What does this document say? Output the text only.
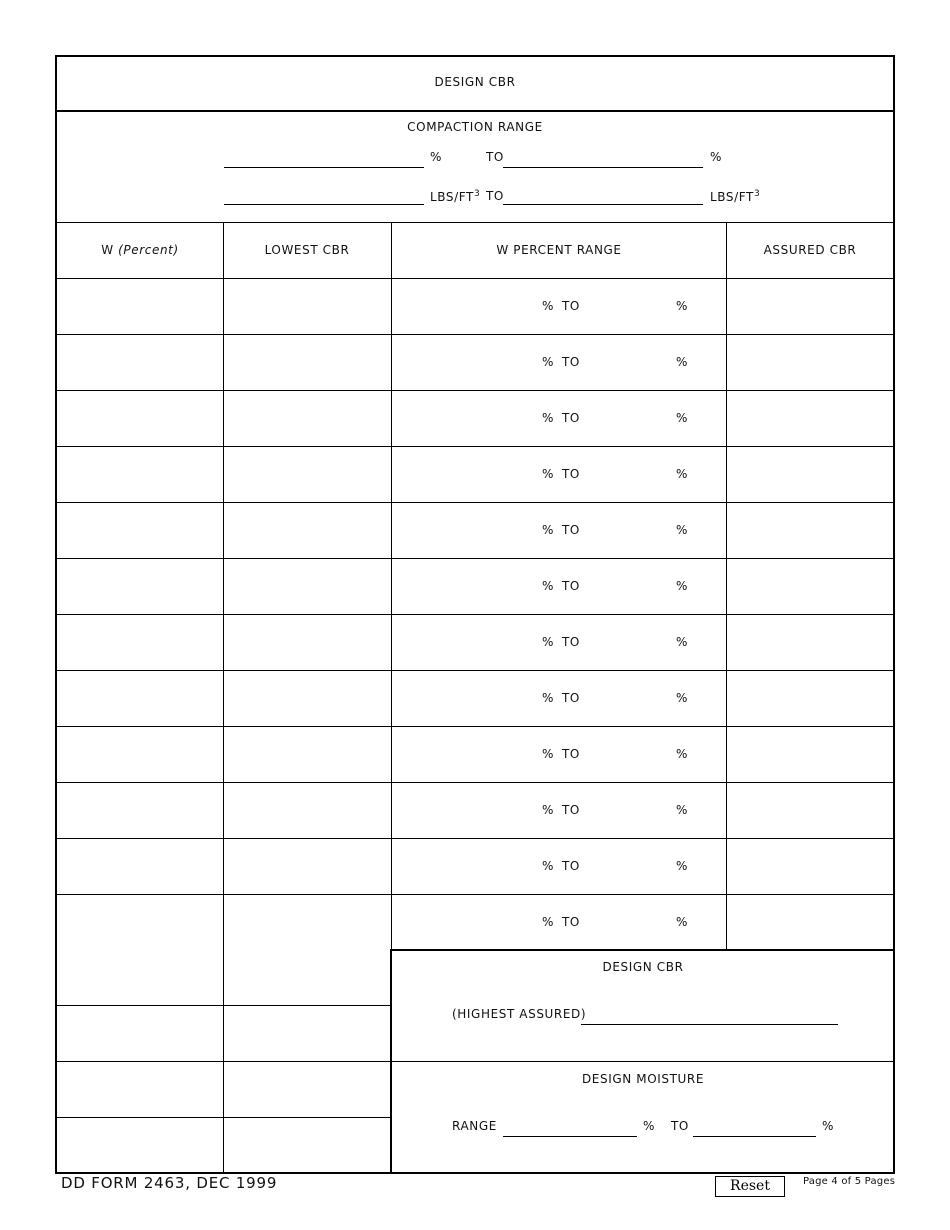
DESIGN CBR
COMPACTION RANGE
%	TO	%
LBS/$FT^3$ TO	LBS/$FT^3$
W (Percent)	LOWEST CBR	W PERCENT RANGE	ASSURED CBR
% TO	%
% TO	%
% TO	%
% TO	%
% TO	%
% TO	%
% TO	%
% TO	%
% TO	%
% TO	%
% TO	%
% TO	%
DESIGN CBR
(HIGHEST ASSURED)
DESIGN MOISTURE
RANGE	% TO	%
DD FORM 2463, DEC 1999	Reset	Page 4 of 5 Pages
